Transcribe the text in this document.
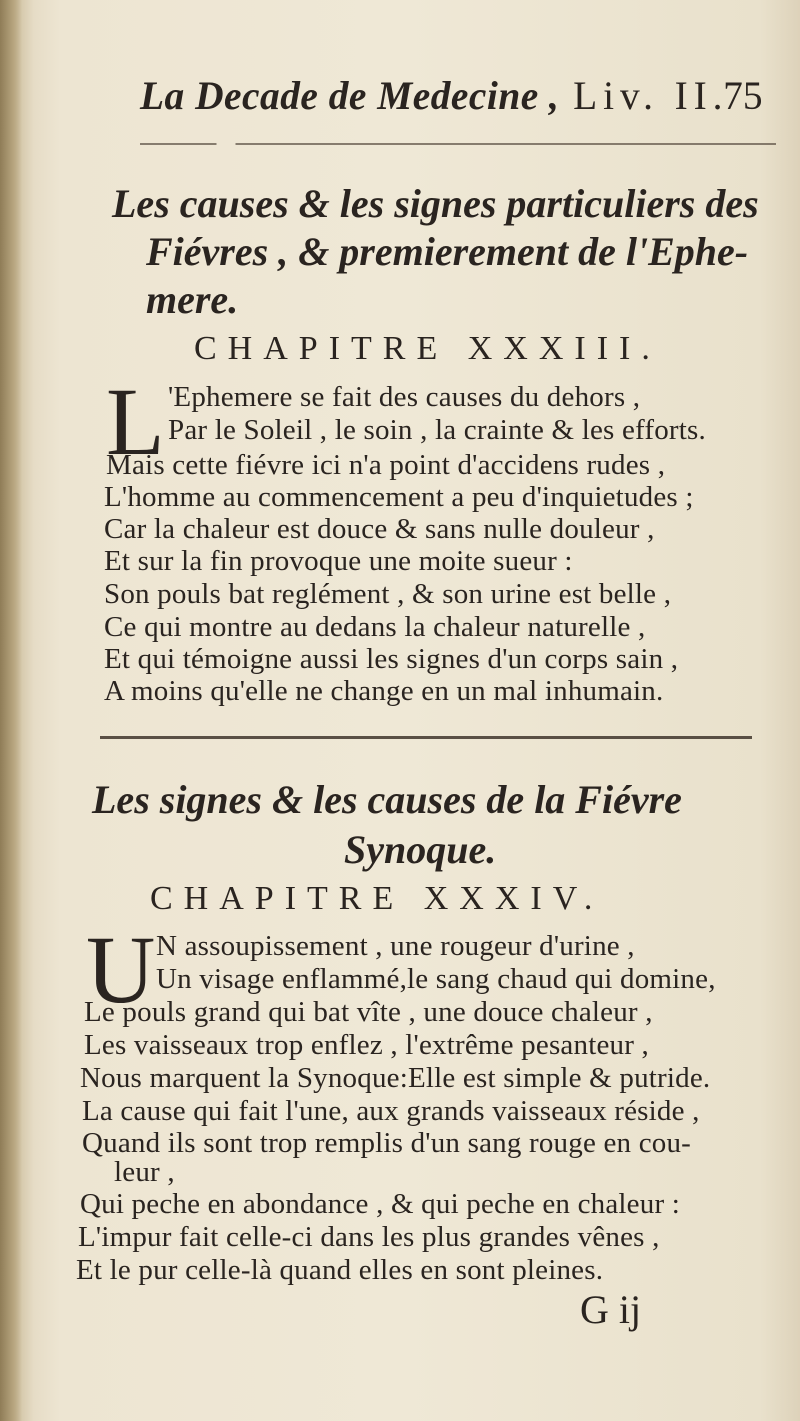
La Decade de Medecine , Liv. II.
75
Les causes & les signes particuliers des
Fiévres , & premierement de l'Ephe-
mere.
CHAPITRE XXXIII.
L 'Ephemere se fait des causes du dehors ,
Par le Soleil , le soin , la crainte & les efforts.
Mais cette fiévre ici n'a point d'accidens rudes ,
L'homme au commencement a peu d'inquietudes ;
Car la chaleur est douce & sans nulle douleur ,
Et sur la fin provoque une moite sueur :
Son pouls bat reglément , & son urine est belle ,
Ce qui montre au dedans la chaleur naturelle ,
Et qui témoigne aussi les signes d'un corps sain ,
A moins qu'elle ne change en un mal inhumain.
Les signes & les causes de la Fiévre
Synoque.
CHAPITRE XXXIV.
U N assoupissement , une rougeur d'urine ,
Un visage enflammé,le sang chaud qui domine,
Le pouls grand qui bat vîte , une douce chaleur ,
Les vaisseaux trop enflez , l'extrême pesanteur ,
Nous marquent la Synoque:Elle est simple & putride.
La cause qui fait l'une, aux grands vaisseaux réside ,
Quand ils sont trop remplis d'un sang rouge en cou-
leur ,
Qui peche en abondance , & qui peche en chaleur :
L'impur fait celle-ci dans les plus grandes vênes ,
Et le pur celle-là quand elles en sont pleines.
G ij
